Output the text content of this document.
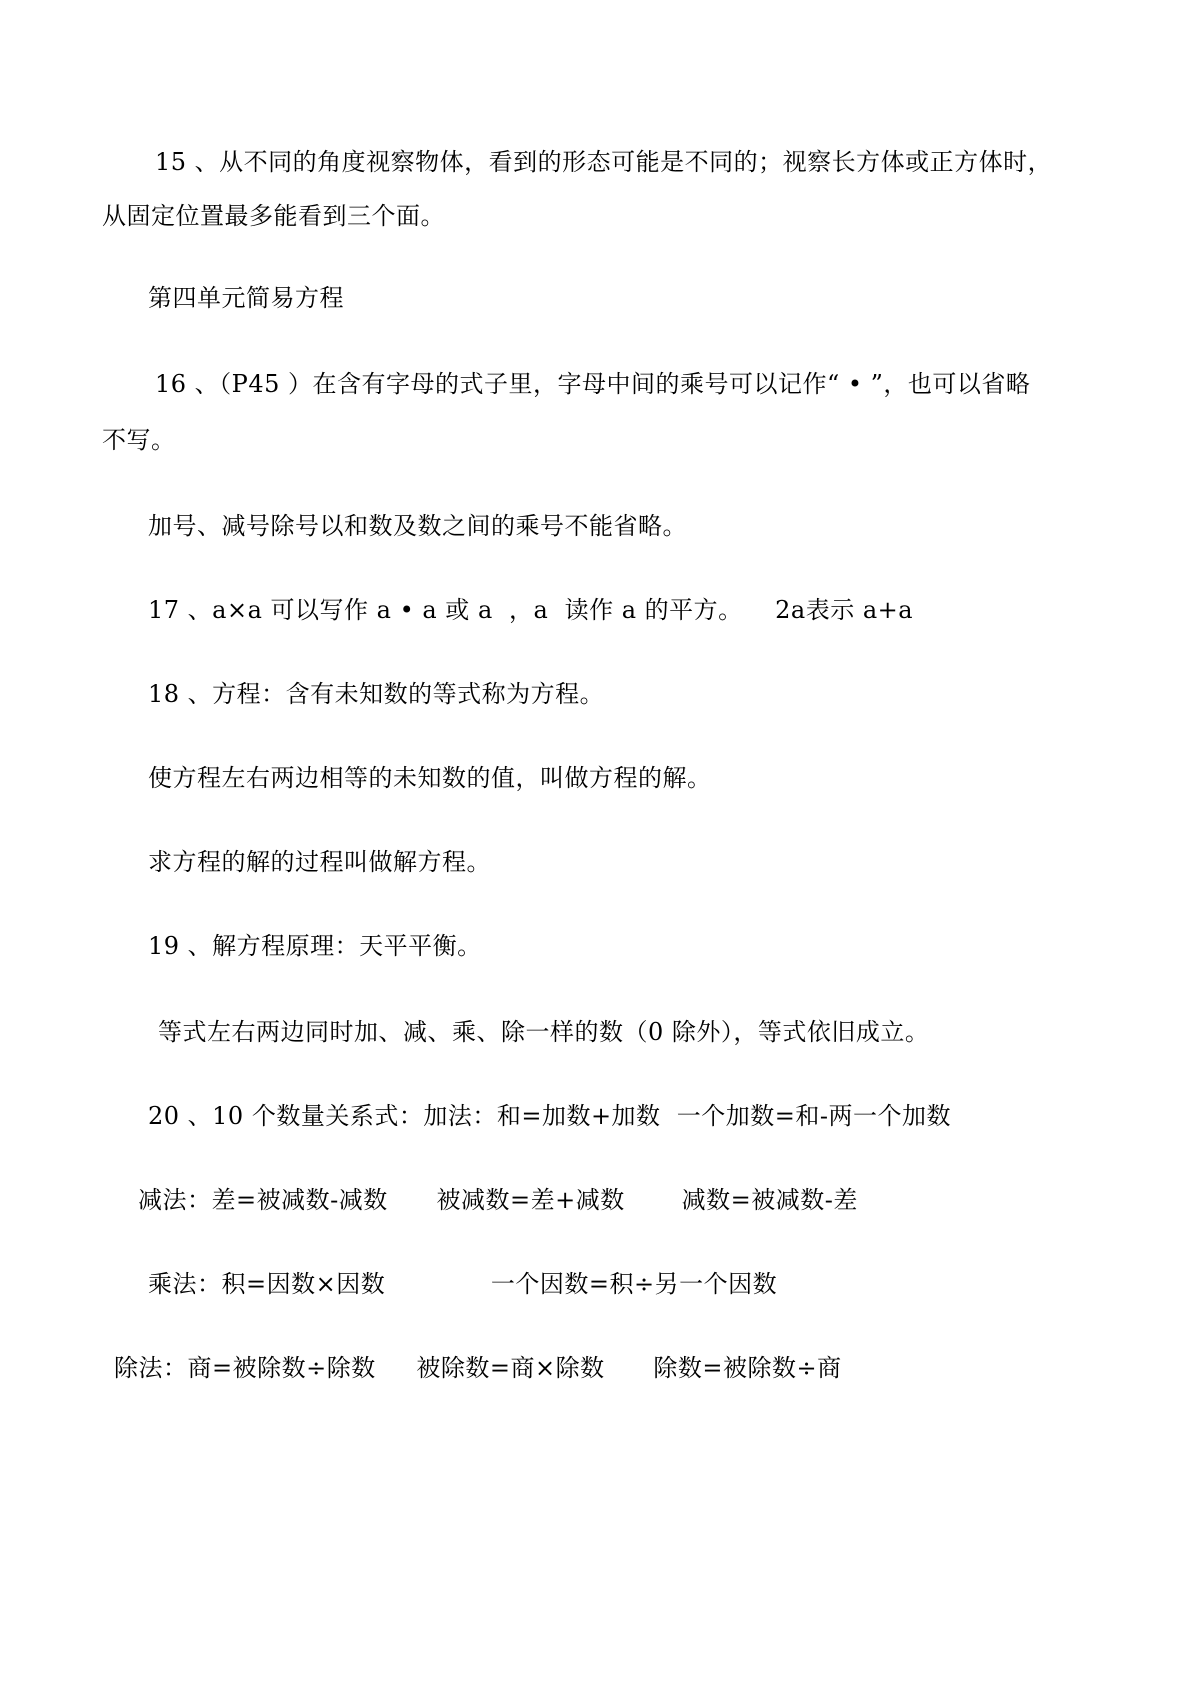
15 、从不同的角度视察物体，看到的形态可能是不同的；视察长方体或正方体时，
从固定位置最多能看到三个面。
第四单元简易方程
16 、（P45 ）在含有字母的式子里，字母中间的乘号可以记作“ • ”，也可以省略
不写。
加号、减号除号以和数及数之间的乘号不能省略。
17 、a×a 可以写作 a • a 或 a  ，a  读作 a 的平方。    2a表示 a+a
18 、方程：含有未知数的等式称为方程。
使方程左右两边相等的未知数的值，叫做方程的解。
求方程的解的过程叫做解方程。
19 、解方程原理：天平平衡。
等式左右两边同时加、减、乘、除一样的数（0 除外），等式依旧成立。
20 、10 个数量关系式：加法：和=加数+加数  一个加数=和-两一个加数
减法：差=被减数-减数      被减数=差+减数       减数=被减数-差
乘法：积=因数×因数             一个因数=积÷另一个因数
除法：商=被除数÷除数     被除数=商×除数      除数=被除数÷商
